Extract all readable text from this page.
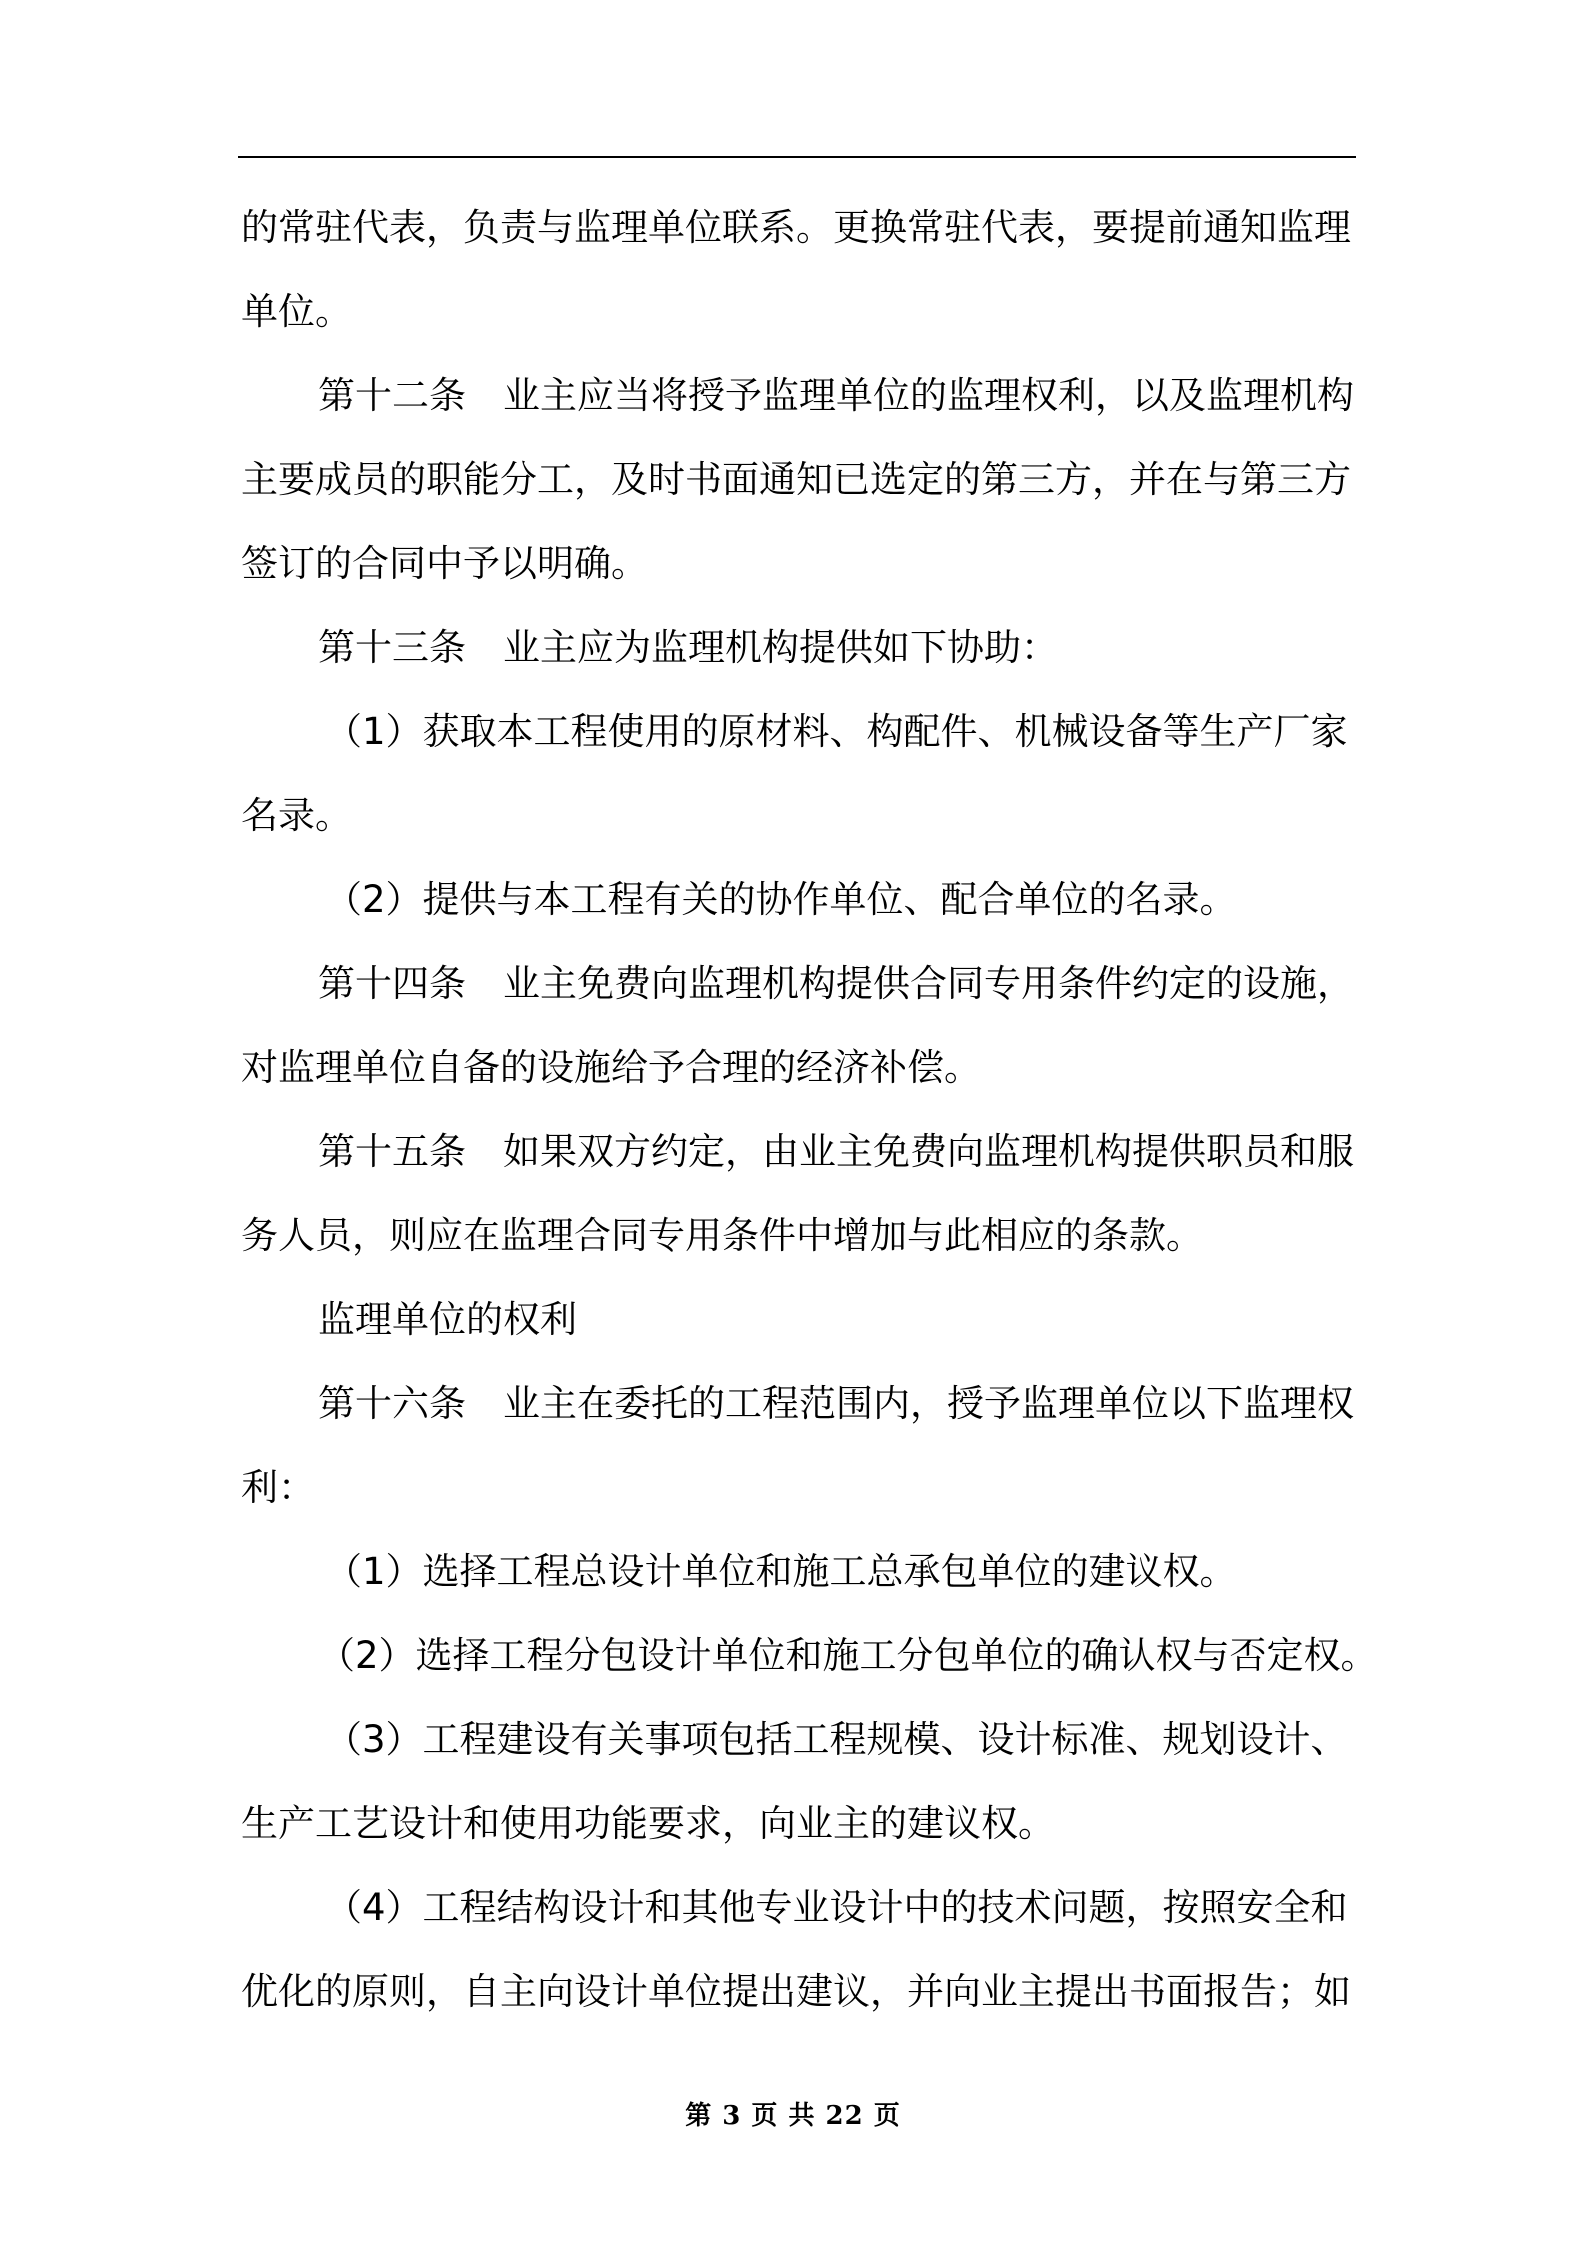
的常驻代表，负责与监理单位联系。更换常驻代表，要提前通知监理
单位。
第十二条　业主应当将授予监理单位的监理权利，以及监理机构
主要成员的职能分工，及时书面通知已选定的第三方，并在与第三方
签订的合同中予以明确。
第十三条　业主应为监理机构提供如下协助：
（1）获取本工程使用的原材料、构配件、机械设备等生产厂家
名录。
（2）提供与本工程有关的协作单位、配合单位的名录。
第十四条　业主免费向监理机构提供合同专用条件约定的设施，
对监理单位自备的设施给予合理的经济补偿。
第十五条　如果双方约定，由业主免费向监理机构提供职员和服
务人员，则应在监理合同专用条件中增加与此相应的条款。
监理单位的权利
第十六条　业主在委托的工程范围内，授予监理单位以下监理权
利：
（1）选择工程总设计单位和施工总承包单位的建议权。
（2）选择工程分包设计单位和施工分包单位的确认权与否定权。
（3）工程建设有关事项包括工程规模、设计标准、规划设计、
生产工艺设计和使用功能要求，向业主的建议权。
（4）工程结构设计和其他专业设计中的技术问题，按照安全和
优化的原则，自主向设计单位提出建议，并向业主提出书面报告；如
第 3 页 共 22 页
